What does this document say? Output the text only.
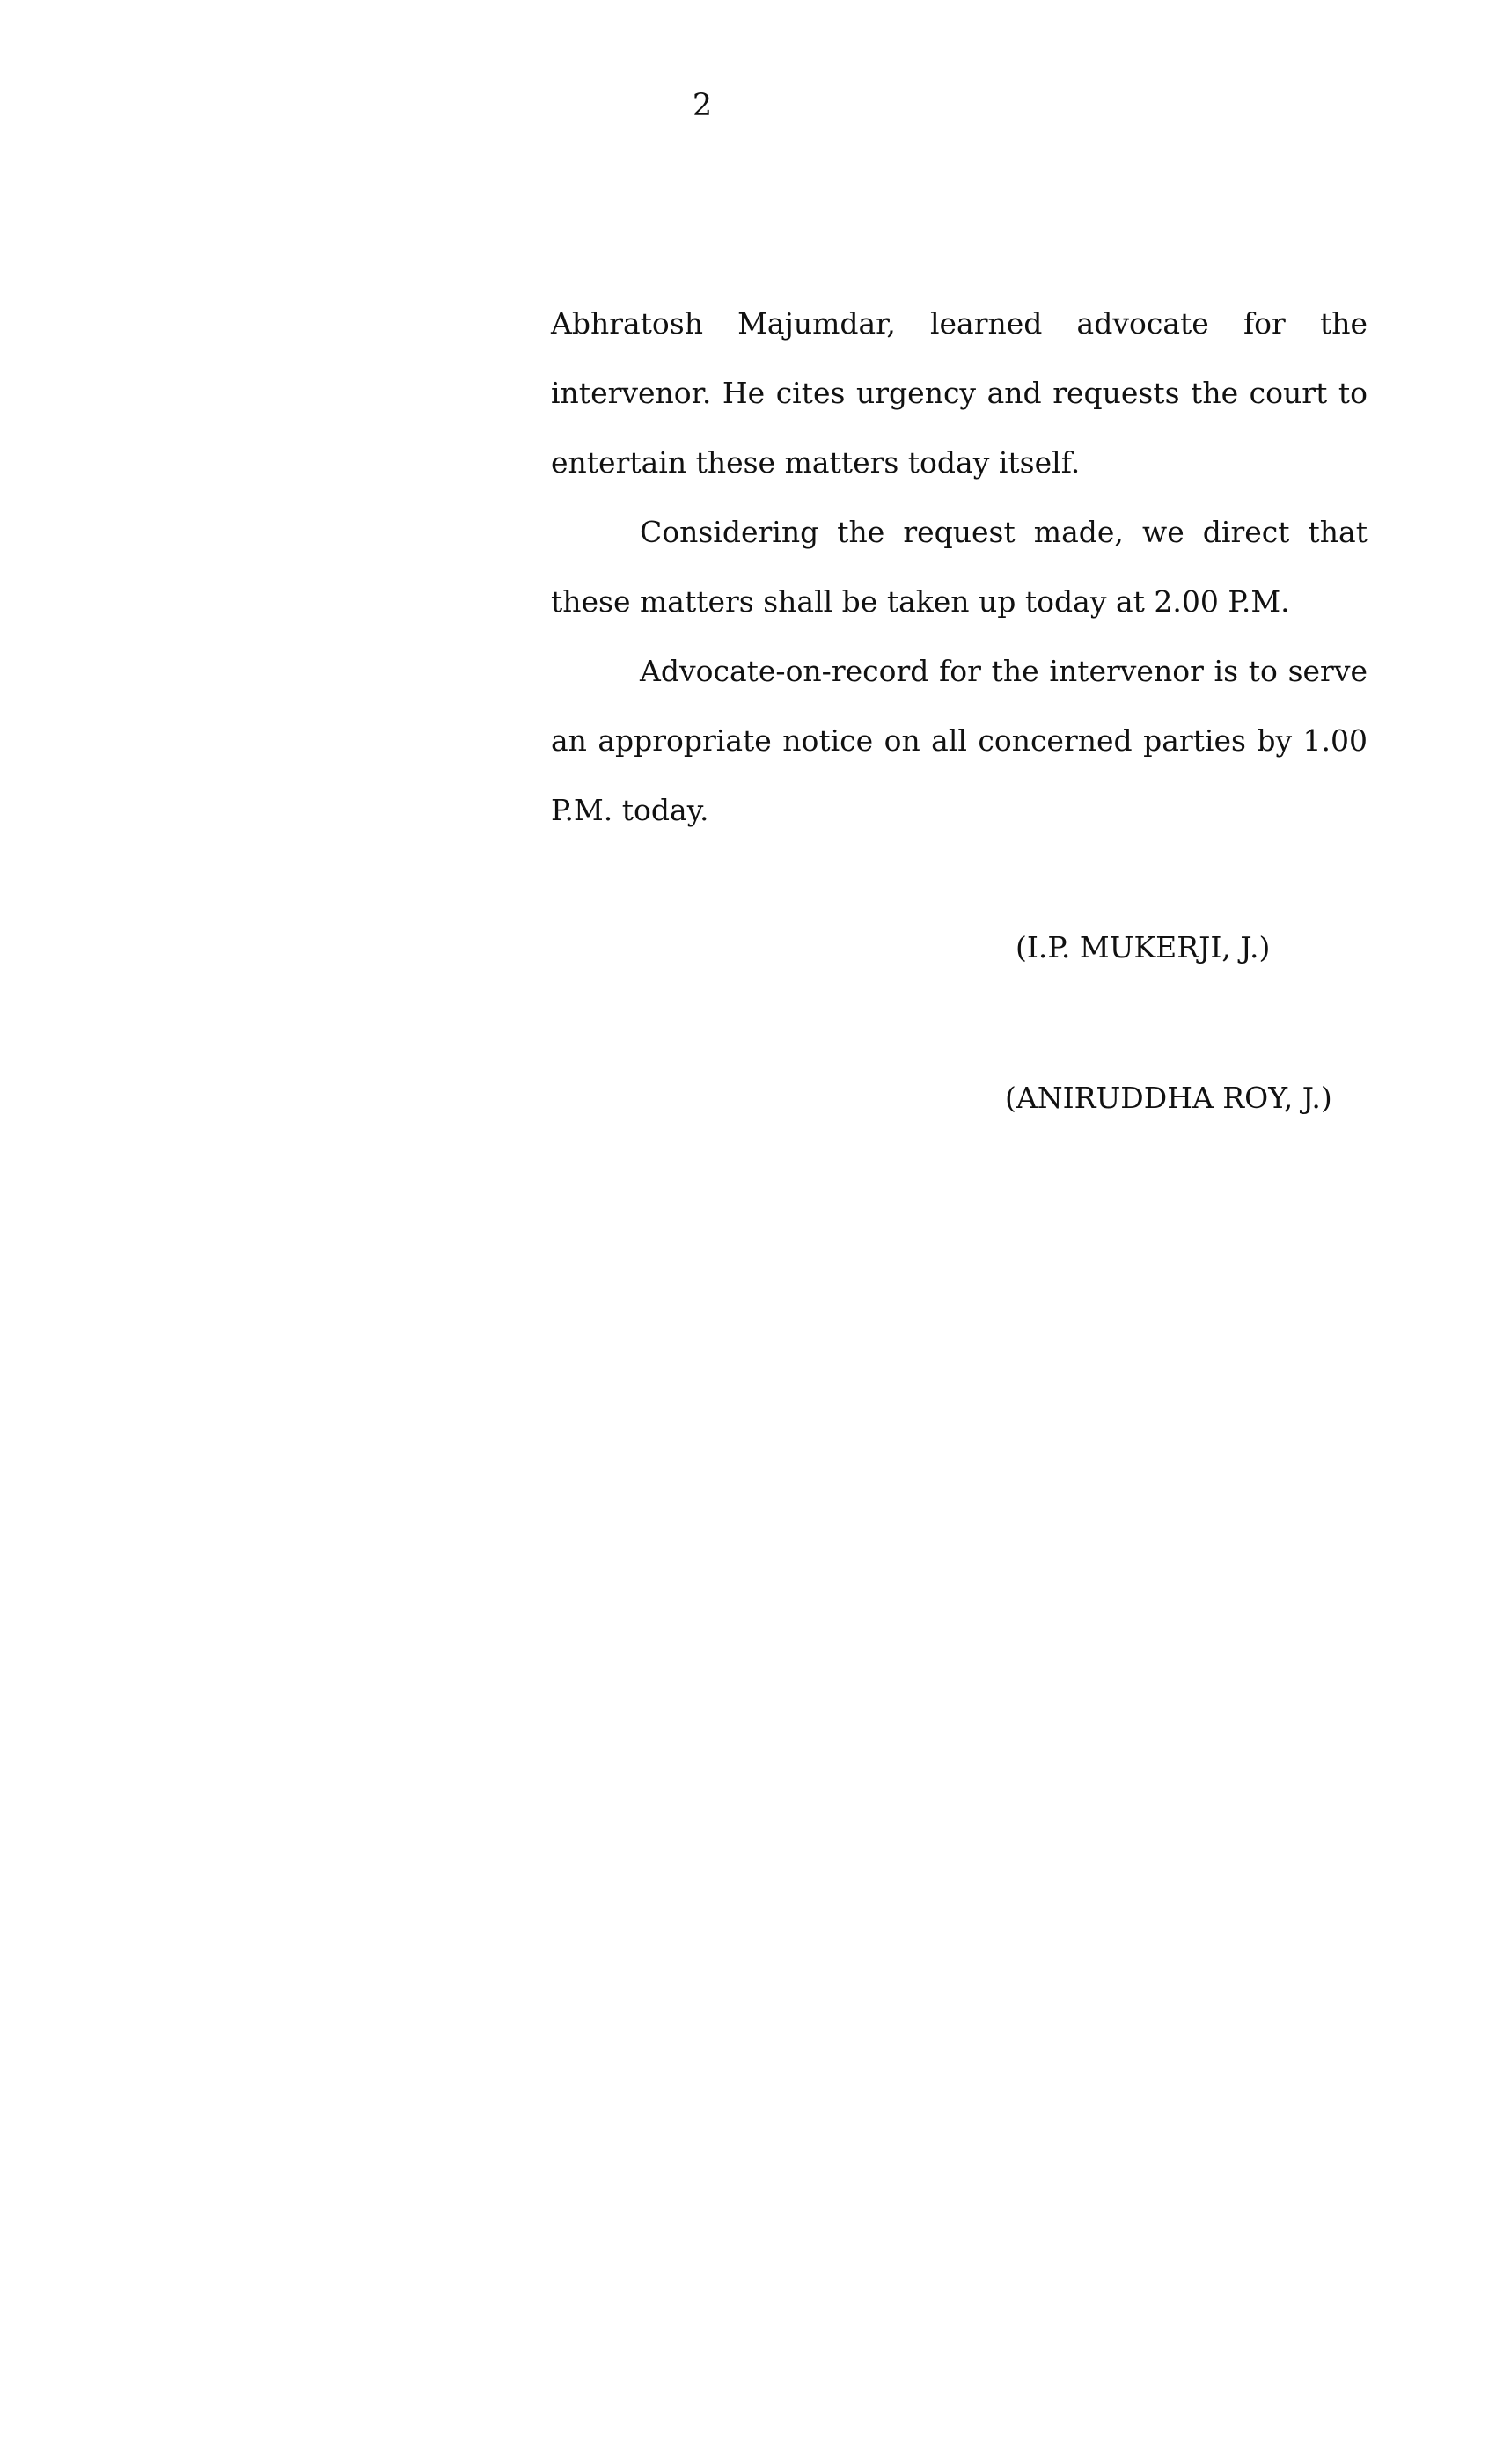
2

Abhratosh Majumdar, learned advocate for the intervenor. He cites urgency and requests the court to entertain these matters today itself.

Considering the request made, we direct that these matters shall be taken up today at 2.00 P.M.

Advocate-on-record for the intervenor is to serve an appropriate notice on all concerned parties by 1.00 P.M. today.

(I.P. MUKERJI, J.)
(ANIRUDDHA ROY, J.)
